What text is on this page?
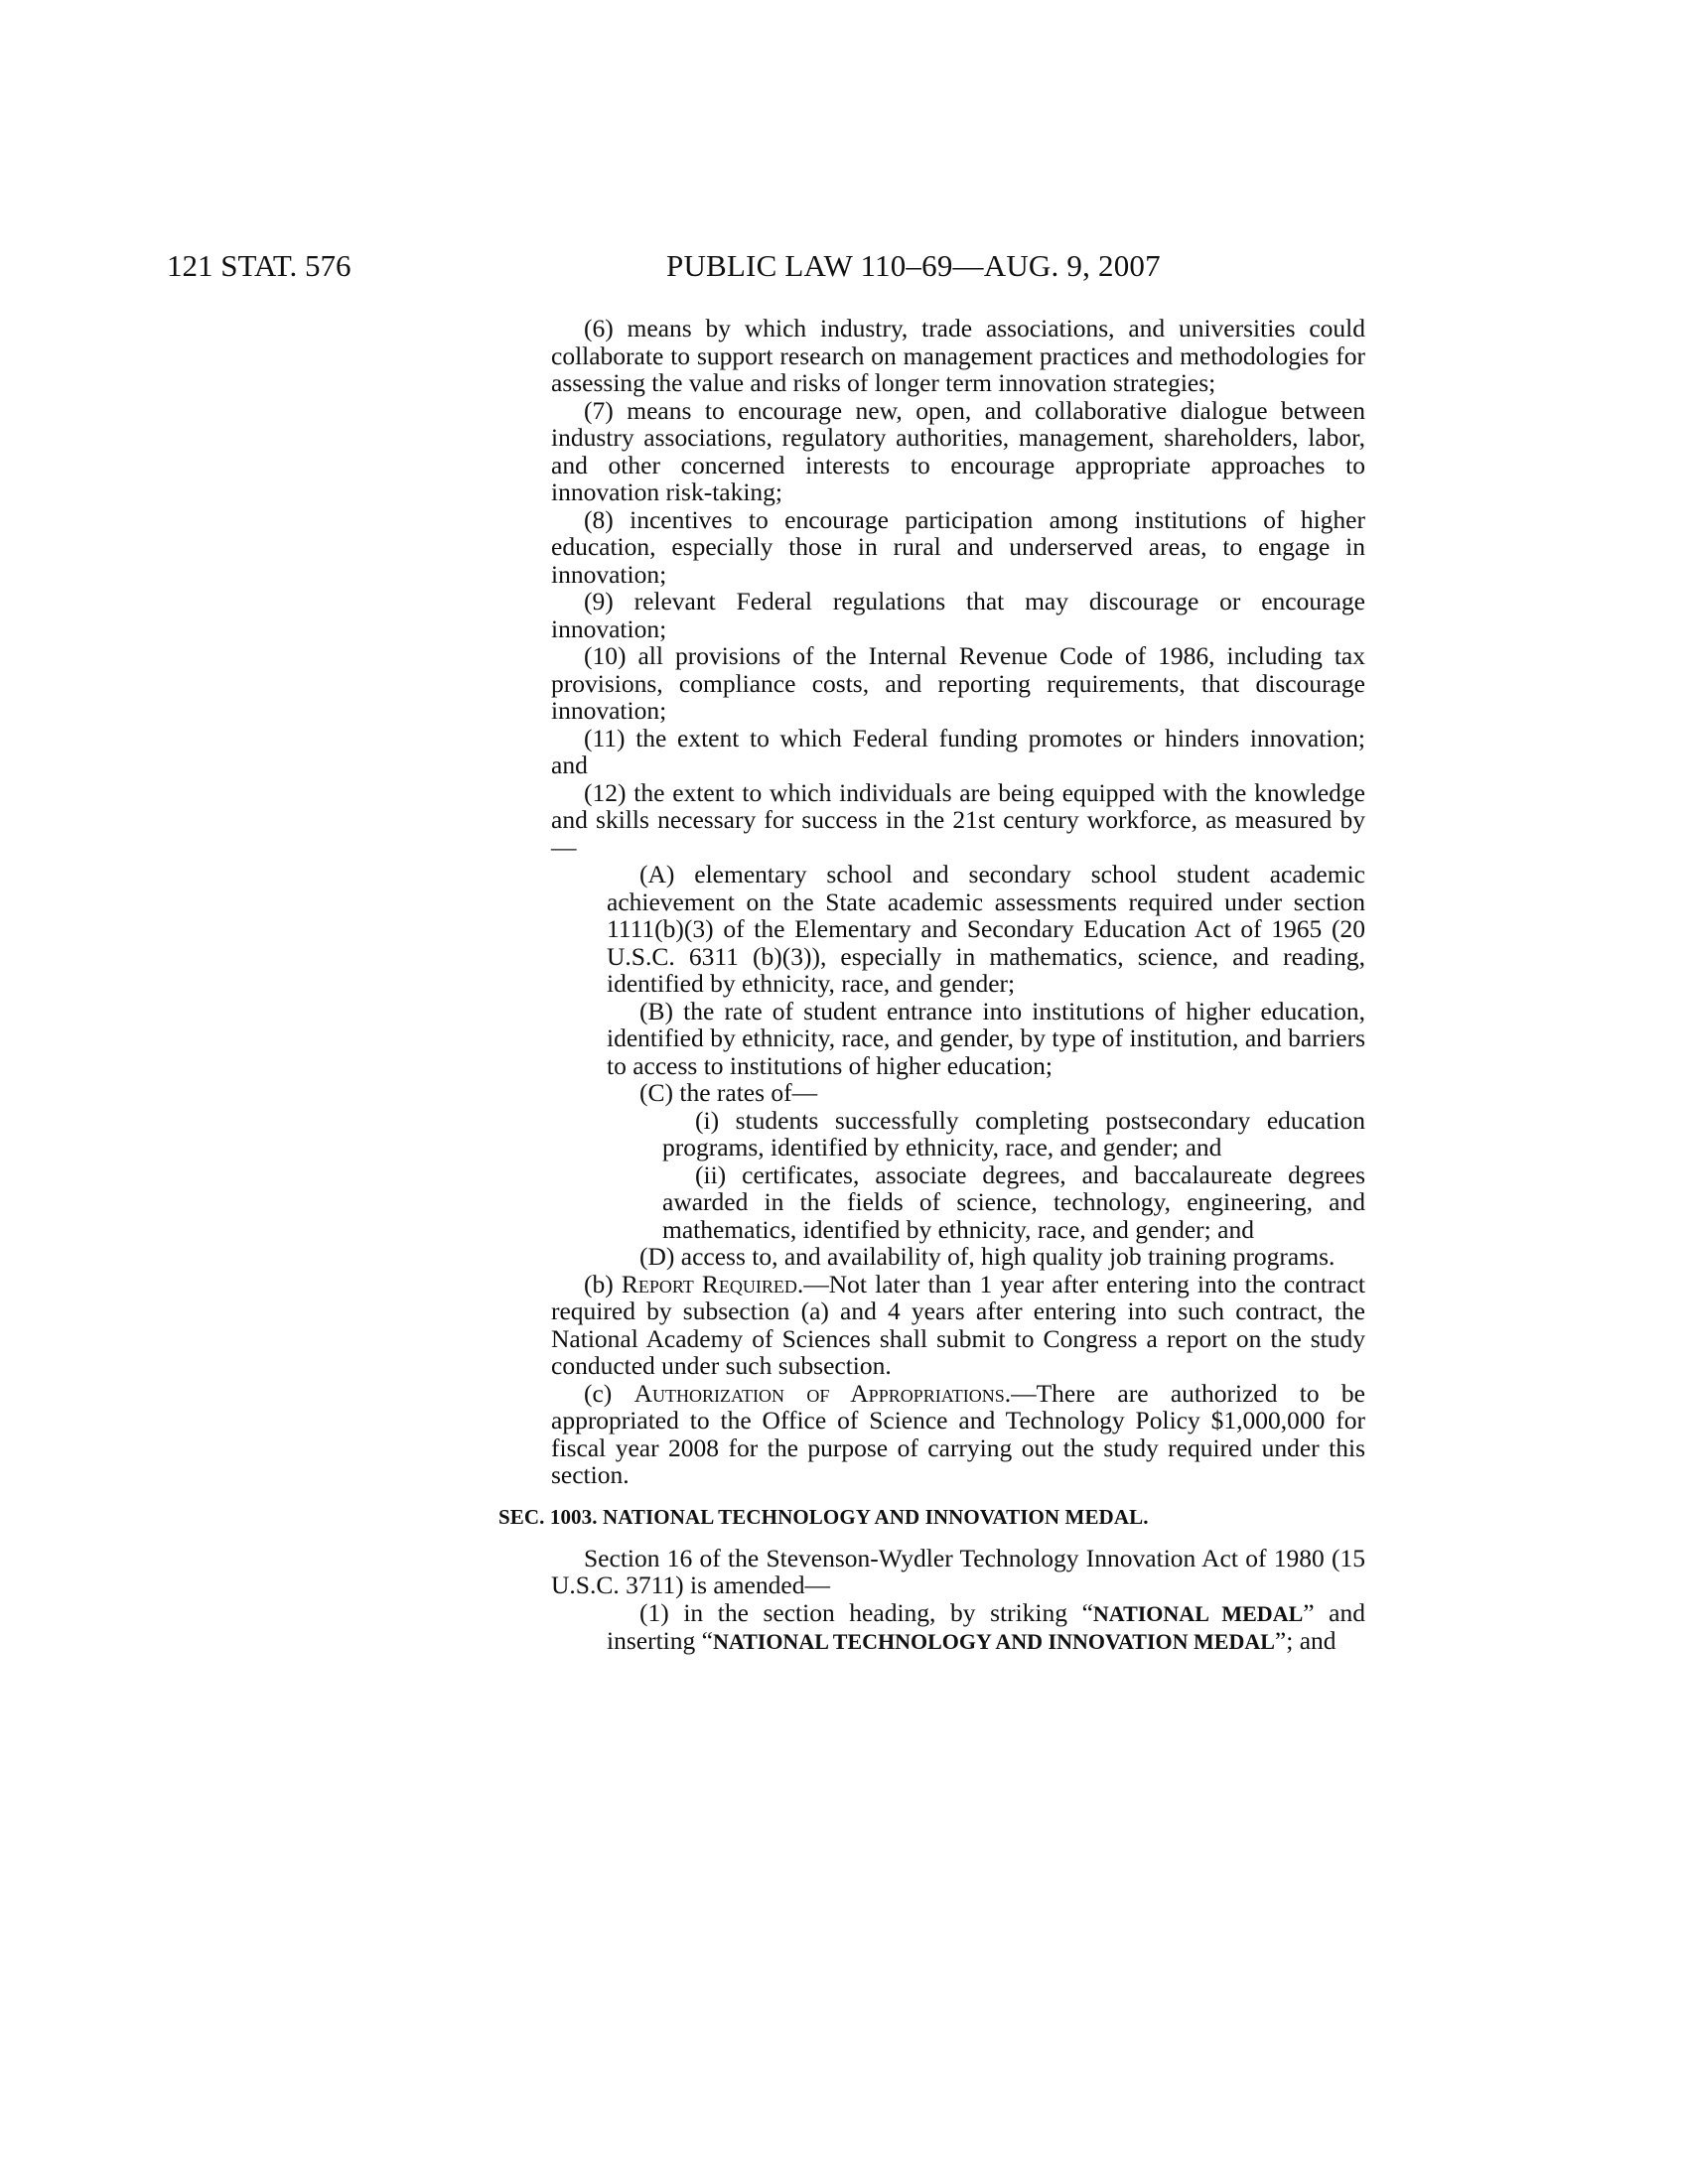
121 STAT. 576	PUBLIC LAW 110–69—AUG. 9, 2007

(6) means by which industry, trade associations, and universities could collaborate to support research on management practices and methodologies for assessing the value and risks of longer term innovation strategies;

(7) means to encourage new, open, and collaborative dialogue between industry associations, regulatory authorities, management, shareholders, labor, and other concerned interests to encourage appropriate approaches to innovation risk-taking;

(8) incentives to encourage participation among institutions of higher education, especially those in rural and underserved areas, to engage in innovation;

(9) relevant Federal regulations that may discourage or encourage innovation;

(10) all provisions of the Internal Revenue Code of 1986, including tax provisions, compliance costs, and reporting requirements, that discourage innovation;

(11) the extent to which Federal funding promotes or hinders innovation; and

(12) the extent to which individuals are being equipped with the knowledge and skills necessary for success in the 21st century workforce, as measured by—

(A) elementary school and secondary school student academic achievement on the State academic assessments required under section 1111(b)(3) of the Elementary and Secondary Education Act of 1965 (20 U.S.C. 6311 (b)(3)), especially in mathematics, science, and reading, identified by ethnicity, race, and gender;

(B) the rate of student entrance into institutions of higher education, identified by ethnicity, race, and gender, by type of institution, and barriers to access to institutions of higher education;

(C) the rates of—

(i) students successfully completing postsecondary education programs, identified by ethnicity, race, and gender; and

(ii) certificates, associate degrees, and baccalaureate degrees awarded in the fields of science, technology, engineering, and mathematics, identified by ethnicity, race, and gender; and

(D) access to, and availability of, high quality job training programs.

(b) Report Required.—Not later than 1 year after entering into the contract required by subsection (a) and 4 years after entering into such contract, the National Academy of Sciences shall submit to Congress a report on the study conducted under such subsection.

(c) Authorization of Appropriations.—There are authorized to be appropriated to the Office of Science and Technology Policy $1,000,000 for fiscal year 2008 for the purpose of carrying out the study required under this section.

SEC. 1003. NATIONAL TECHNOLOGY AND INNOVATION MEDAL.

Section 16 of the Stevenson-Wydler Technology Innovation Act of 1980 (15 U.S.C. 3711) is amended—

(1) in the section heading, by striking “NATIONAL MEDAL” and inserting “NATIONAL TECHNOLOGY AND INNOVATION MEDAL”; and
